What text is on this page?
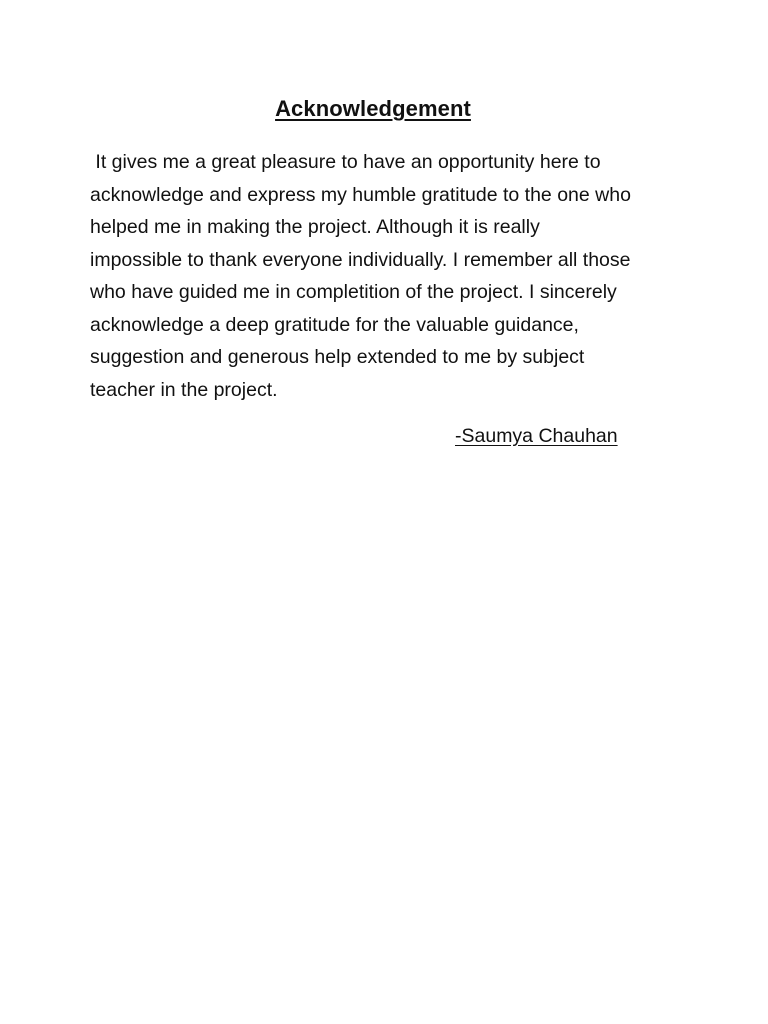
Acknowledgement
It gives me a great pleasure to have an opportunity here to
acknowledge and express my humble gratitude to the one who
helped me in making the project. Although it is really
impossible to thank everyone individually. I remember all those
who have guided me in completition of the project. I sincerely
acknowledge a deep gratitude for the valuable guidance,
suggestion and generous help extended to me by subject
teacher in the project.
-Saumya Chauhan
